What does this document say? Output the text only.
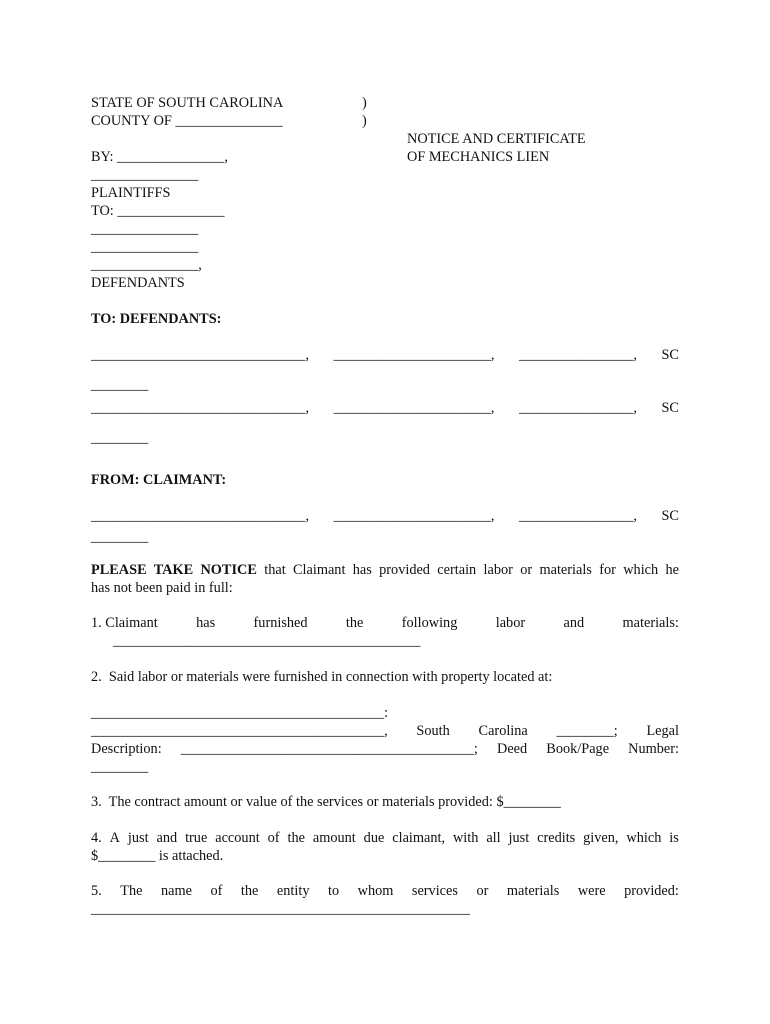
STATE OF SOUTH CAROLINA	)
COUNTY OF _______________	)
NOTICE AND CERTIFICATE
OF MECHANICS LIEN
BY: _______________,
_______________
PLAINTIFFS
TO: _______________
_______________
_______________
_______________,
DEFENDANTS
TO: DEFENDANTS:
______________________________, ______________________, ________________, SC
________
______________________________, ______________________, ________________, SC
________
FROM: CLAIMANT:
______________________________, ______________________, ________________, SC
________
PLEASE TAKE NOTICE that Claimant has provided certain labor or materials for which he
has not been paid in full:
1. Claimant	has	furnished	the	following	labor	and	materials:
___________________________________________
2.  Said labor or materials were furnished in connection with property located at:
_________________________________________:
_________________________________________, South Carolina ________; Legal
Description: _________________________________________; Deed Book/Page Number:
________
3.  The contract amount or value of the services or materials provided: $________
4. A just and true account of the amount due claimant, with all just credits given, which is
$________ is attached.
5. The name of the entity to whom services or materials were provided:
_____________________________________________________
